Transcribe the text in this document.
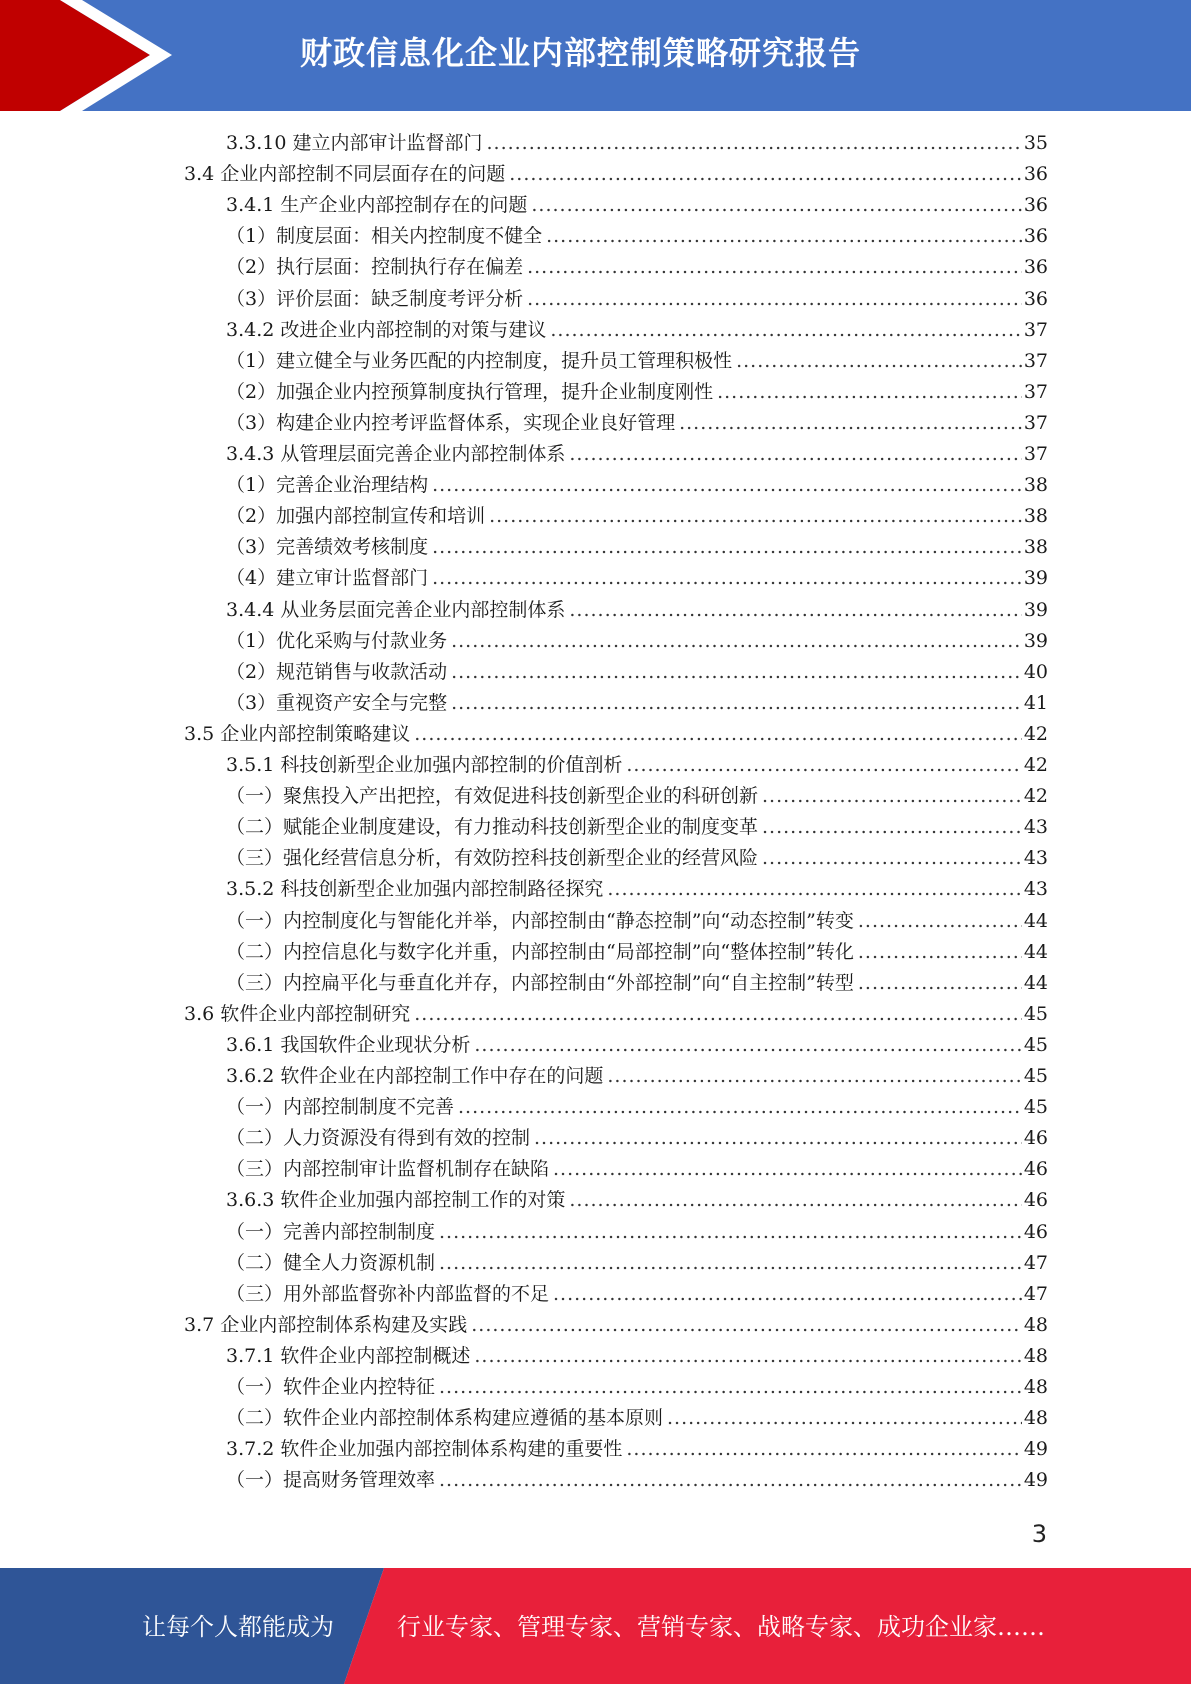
财政信息化企业内部控制策略研究报告
3.3.10 建立内部审计监督部门 .....	35
3.4 企业内部控制不同层面存在的问题 .....	36
3.4.1 生产企业内部控制存在的问题 .....	36
（1）制度层面：相关内控制度不健全 .....	36
（2）执行层面：控制执行存在偏差 .....	36
（3）评价层面：缺乏制度考评分析 .....	36
3.4.2 改进企业内部控制的对策与建议 .....	37
（1）建立健全与业务匹配的内控制度，提升员工管理积极性 .....	37
（2）加强企业内控预算制度执行管理，提升企业制度刚性 .....	37
（3）构建企业内控考评监督体系，实现企业良好管理 .....	37
3.4.3 从管理层面完善企业内部控制体系 .....	37
（1）完善企业治理结构 .....	38
（2）加强内部控制宣传和培训 .....	38
（3）完善绩效考核制度 .....	38
（4）建立审计监督部门 .....	39
3.4.4 从业务层面完善企业内部控制体系 .....	39
（1）优化采购与付款业务 .....	39
（2）规范销售与收款活动 .....	40
（3）重视资产安全与完整 .....	41
3.5 企业内部控制策略建议 .....	42
3.5.1 科技创新型企业加强内部控制的价值剖析 .....	42
（一）聚焦投入产出把控，有效促进科技创新型企业的科研创新 .....	42
（二）赋能企业制度建设，有力推动科技创新型企业的制度变革 .....	43
（三）强化经营信息分析，有效防控科技创新型企业的经营风险 .....	43
3.5.2 科技创新型企业加强内部控制路径探究 .....	43
（一）内控制度化与智能化并举，内部控制由“静态控制”向“动态控制”转变 .....	44
（二）内控信息化与数字化并重，内部控制由“局部控制”向“整体控制”转化 .....	44
（三）内控扁平化与垂直化并存，内部控制由“外部控制”向“自主控制”转型 .....	44
3.6 软件企业内部控制研究 .....	45
3.6.1 我国软件企业现状分析 .....	45
3.6.2 软件企业在内部控制工作中存在的问题 .....	45
（一）内部控制制度不完善 .....	45
（二）人力资源没有得到有效的控制 .....	46
（三）内部控制审计监督机制存在缺陷 .....	46
3.6.3 软件企业加强内部控制工作的对策 .....	46
（一）完善内部控制制度 .....	46
（二）健全人力资源机制 .....	47
（三）用外部监督弥补内部监督的不足 .....	47
3.7 企业内部控制体系构建及实践 .....	48
3.7.1 软件企业内部控制概述 .....	48
（一）软件企业内控特征 .....	48
（二）软件企业内部控制体系构建应遵循的基本原则 .....	48
3.7.2 软件企业加强内部控制体系构建的重要性 .....	49
（一）提高财务管理效率 .....	49
3
让每个人都能成为	行业专家、管理专家、营销专家、战略专家、成功企业家……
